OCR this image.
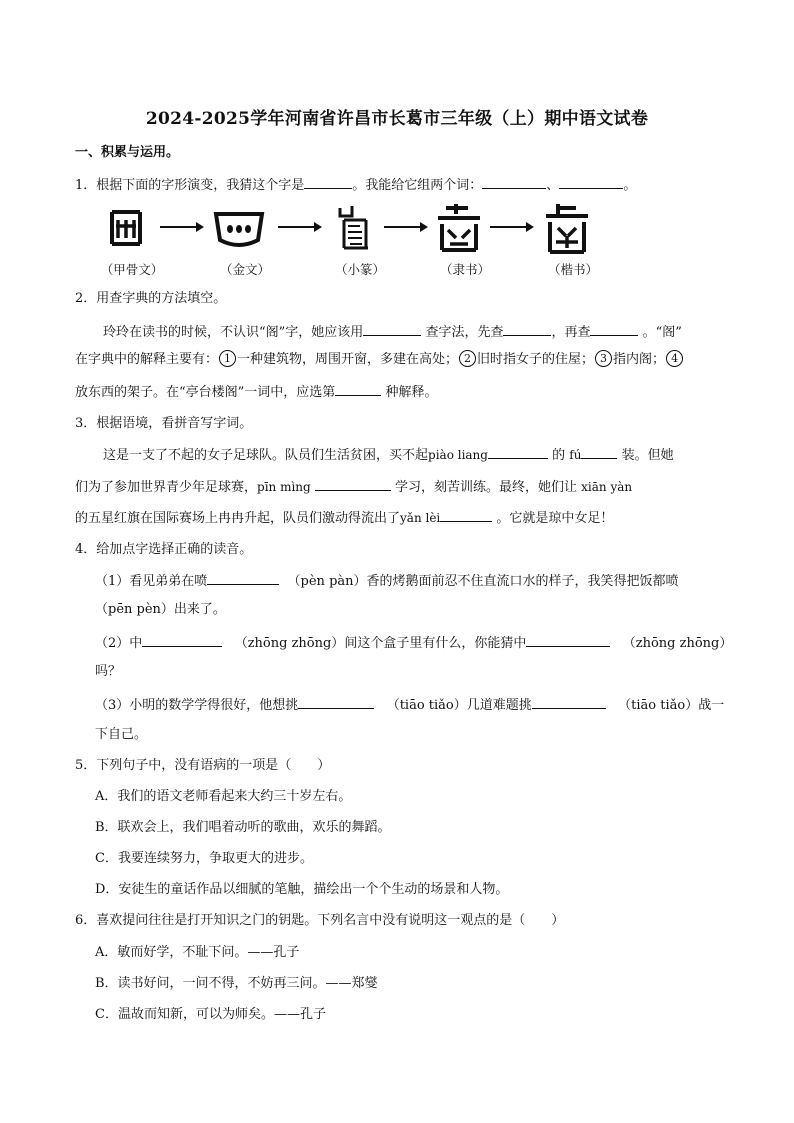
2024-2025学年河南省许昌市长葛市三年级（上）期中语文试卷
一、积累与运用。
1．根据下面的字形演变，我猜这个字是	。我能给它组两个词：	、	。
（甲骨文）	（金文）	（小篆）	（隶书）	（楷书）
2．用查字典的方法填空。
玲玲在读书的时候，不认识“阁”字，她应该用	查字法，先查	，再查	。“阁”
在字典中的解释主要有： 1 一种建筑物，周围开窗，多建在高处； 2 旧时指女子的住屋； 3 指内阁； 4
放东西的架子。在“亭台楼阁”一词中，应选第	种解释。
3．根据语境，看拼音写字词。
这是一支了不起的女子足球队。队员们生活贫困，买不起piào liang	的 fú	装。但她
们为了参加世界青少年足球赛，pīn mìng	学习，刻苦训练。最终，她们让 xiān yàn
的五星红旗在国际赛场上冉冉升起，队员们激动得流出了yǎn lèi	。它就是琼中女足！
4．给加点字选择正确的读音。
（1）看见弟弟在喷	（pèn pàn）香的烤鹅面前忍不住直流口水的样子，我笑得把饭都喷
（pēn pèn）出来了。
（2）中	（zhōng zhōng）间这个盒子里有什么，你能猜中	（zhōng zhōng）
吗？
（3）小明的数学学得很好，他想挑	（tiāo tiǎo）几道难题挑	（tiāo tiǎo）战一
下自己。
5．下列句子中，没有语病的一项是（　　）
A．我们的语文老师看起来大约三十岁左右。
B．联欢会上，我们唱着动听的歌曲，欢乐的舞蹈。
C．我要连续努力，争取更大的进步。
D．安徒生的童话作品以细腻的笔触，描绘出一个个生动的场景和人物。
6．喜欢提问往往是打开知识之门的钥匙。下列名言中没有说明这一观点的是（　　）
A．敏而好学，不耻下问。——孔子
B．读书好问，一问不得，不妨再三问。——郑燮
C．温故而知新，可以为师矣。——孔子
